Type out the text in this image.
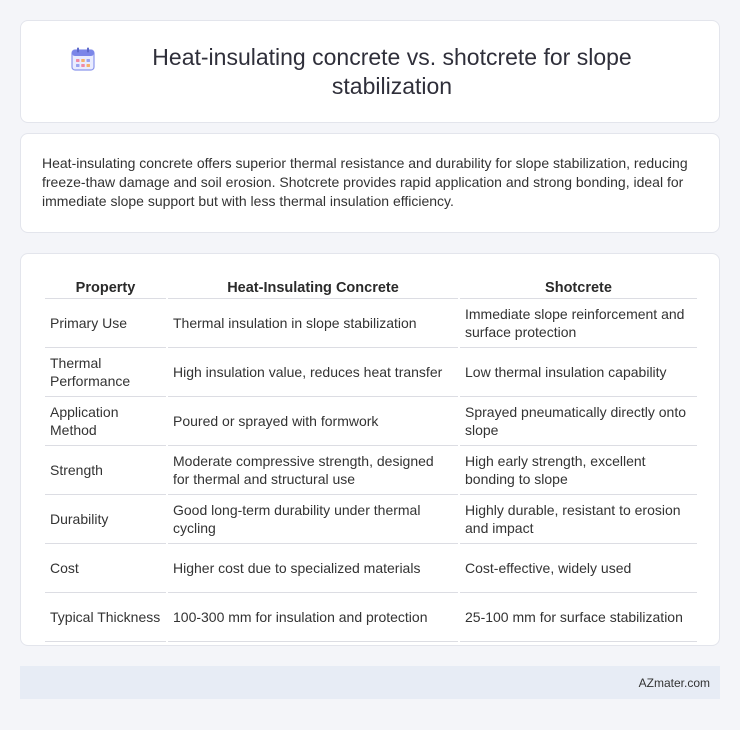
Heat-insulating concrete vs. shotcrete for slope stabilization

Heat-insulating concrete offers superior thermal resistance and durability for slope stabilization, reducing freeze-thaw damage and soil erosion. Shotcrete provides rapid application and strong bonding, ideal for immediate slope support but with less thermal insulation efficiency.

Property	Heat-Insulating Concrete	Shotcrete
Primary Use	Thermal insulation in slope stabilization	Immediate slope reinforcement and surface protection
Thermal Performance	High insulation value, reduces heat transfer	Low thermal insulation capability
Application Method	Poured or sprayed with formwork	Sprayed pneumatically directly onto slope
Strength	Moderate compressive strength, designed for thermal and structural use	High early strength, excellent bonding to slope
Durability	Good long-term durability under thermal cycling	Highly durable, resistant to erosion and impact
Cost	Higher cost due to specialized materials	Cost-effective, widely used
Typical Thickness	100-300 mm for insulation and protection	25-100 mm for surface stabilization
AZmater.com
